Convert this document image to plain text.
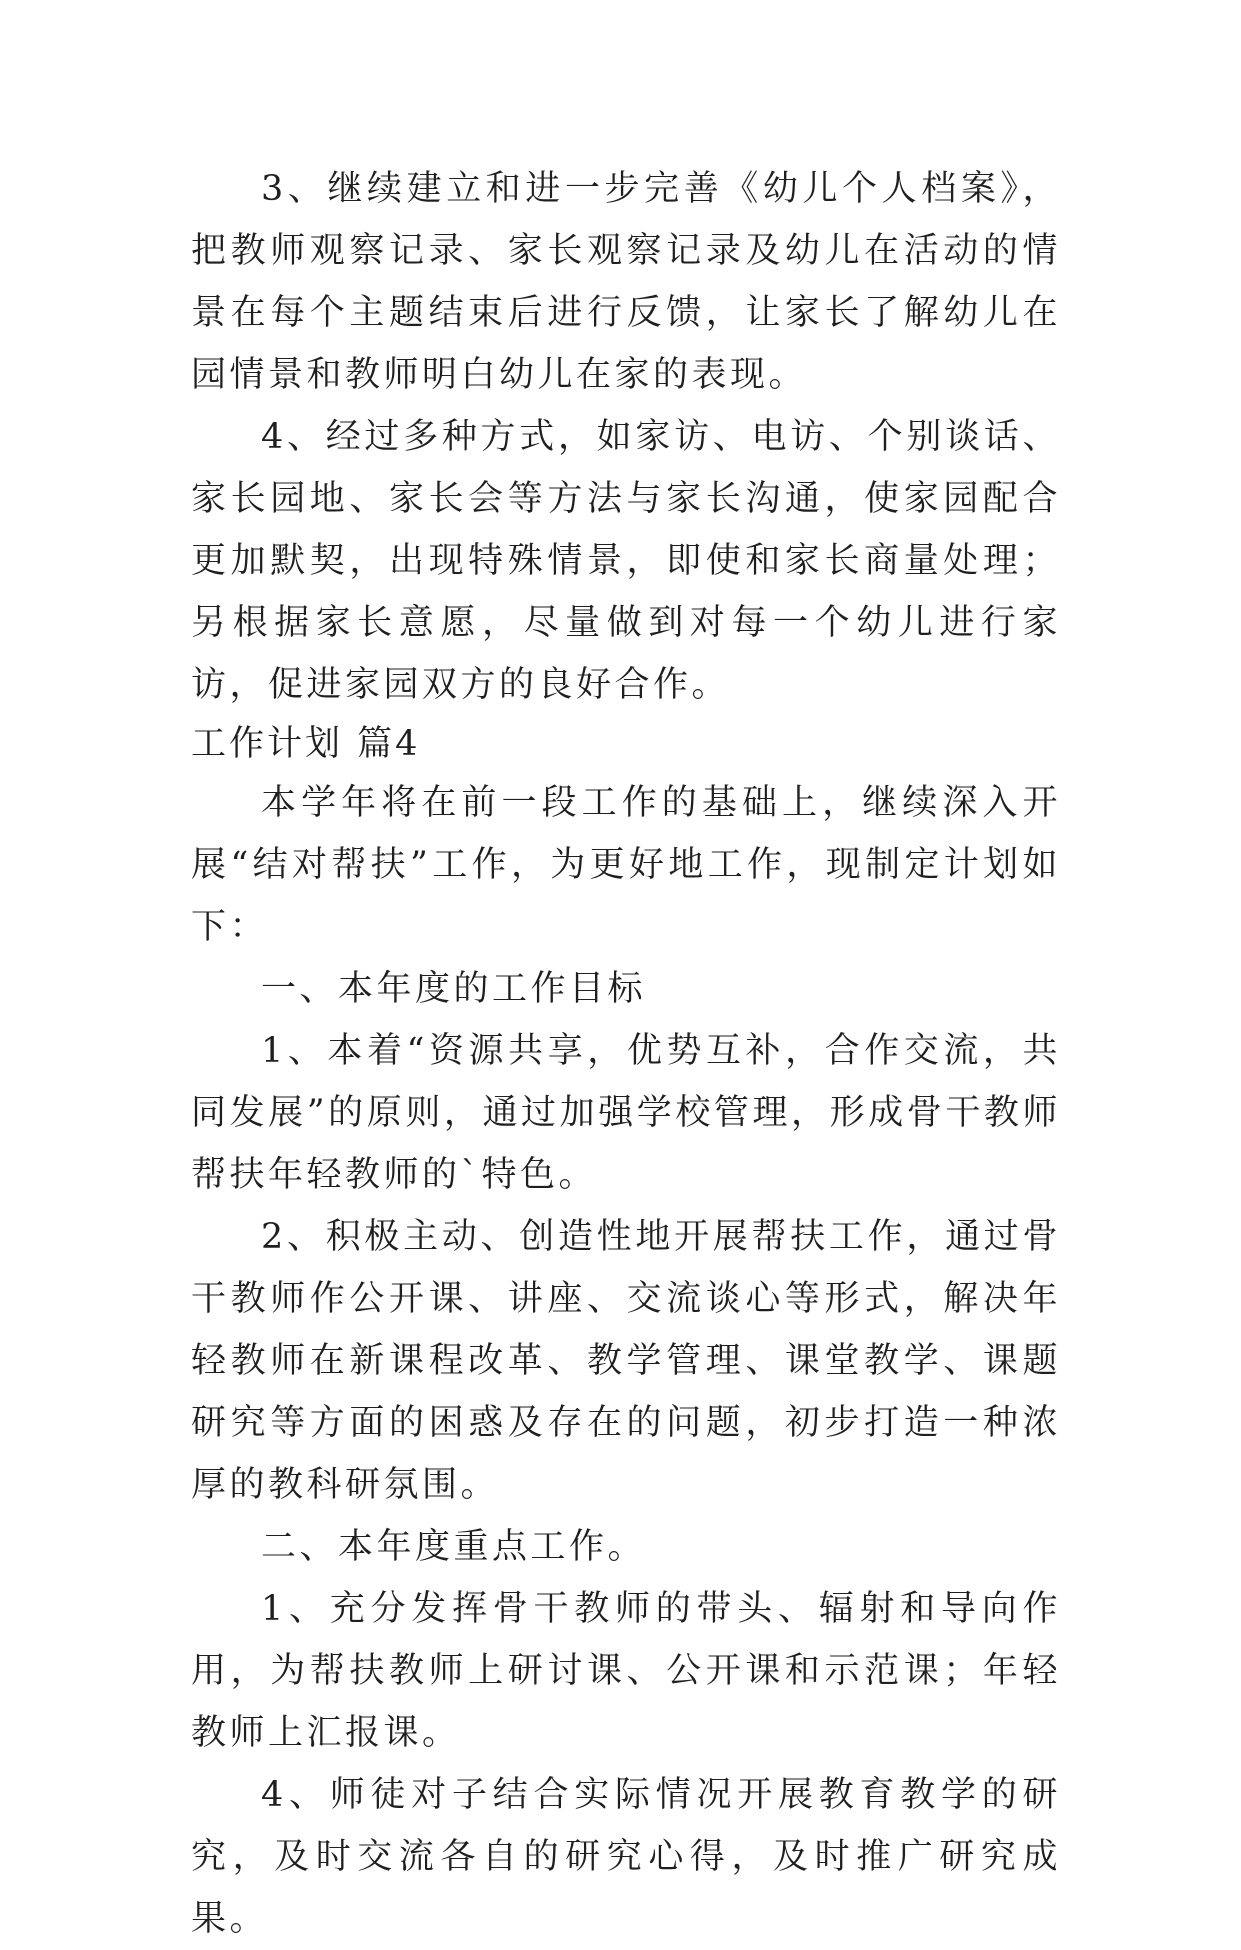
3、继续建立和进一步完善《幼儿个人档案》，把教师观察记录、家长观察记录及幼儿在活动的情景在每个主题结束后进行反馈，让家长了解幼儿在园情景和教师明白幼儿在家的表现。

4、经过多种方式，如家访、电访、个别谈话、家长园地、家长会等方法与家长沟通，使家园配合更加默契，出现特殊情景，即使和家长商量处理；另根据家长意愿，尽量做到对每一个幼儿进行家访，促进家园双方的良好合作。

工作计划 篇4

本学年将在前一段工作的基础上，继续深入开展“结对帮扶”工作，为更好地工作，现制定计划如下：

一、本年度的工作目标

1、本着“资源共享，优势互补，合作交流，共同发展”的原则，通过加强学校管理，形成骨干教师帮扶年轻教师的`特色。

2、积极主动、创造性地开展帮扶工作，通过骨干教师作公开课、讲座、交流谈心等形式，解决年轻教师在新课程改革、教学管理、课堂教学、课题研究等方面的困惑及存在的问题，初步打造一种浓厚的教科研氛围。

二、本年度重点工作。

1、充分发挥骨干教师的带头、辐射和导向作用，为帮扶教师上研讨课、公开课和示范课；年轻教师上汇报课。

4、师徒对子结合实际情况开展教育教学的研究，及时交流各自的研究心得，及时推广研究成果。
